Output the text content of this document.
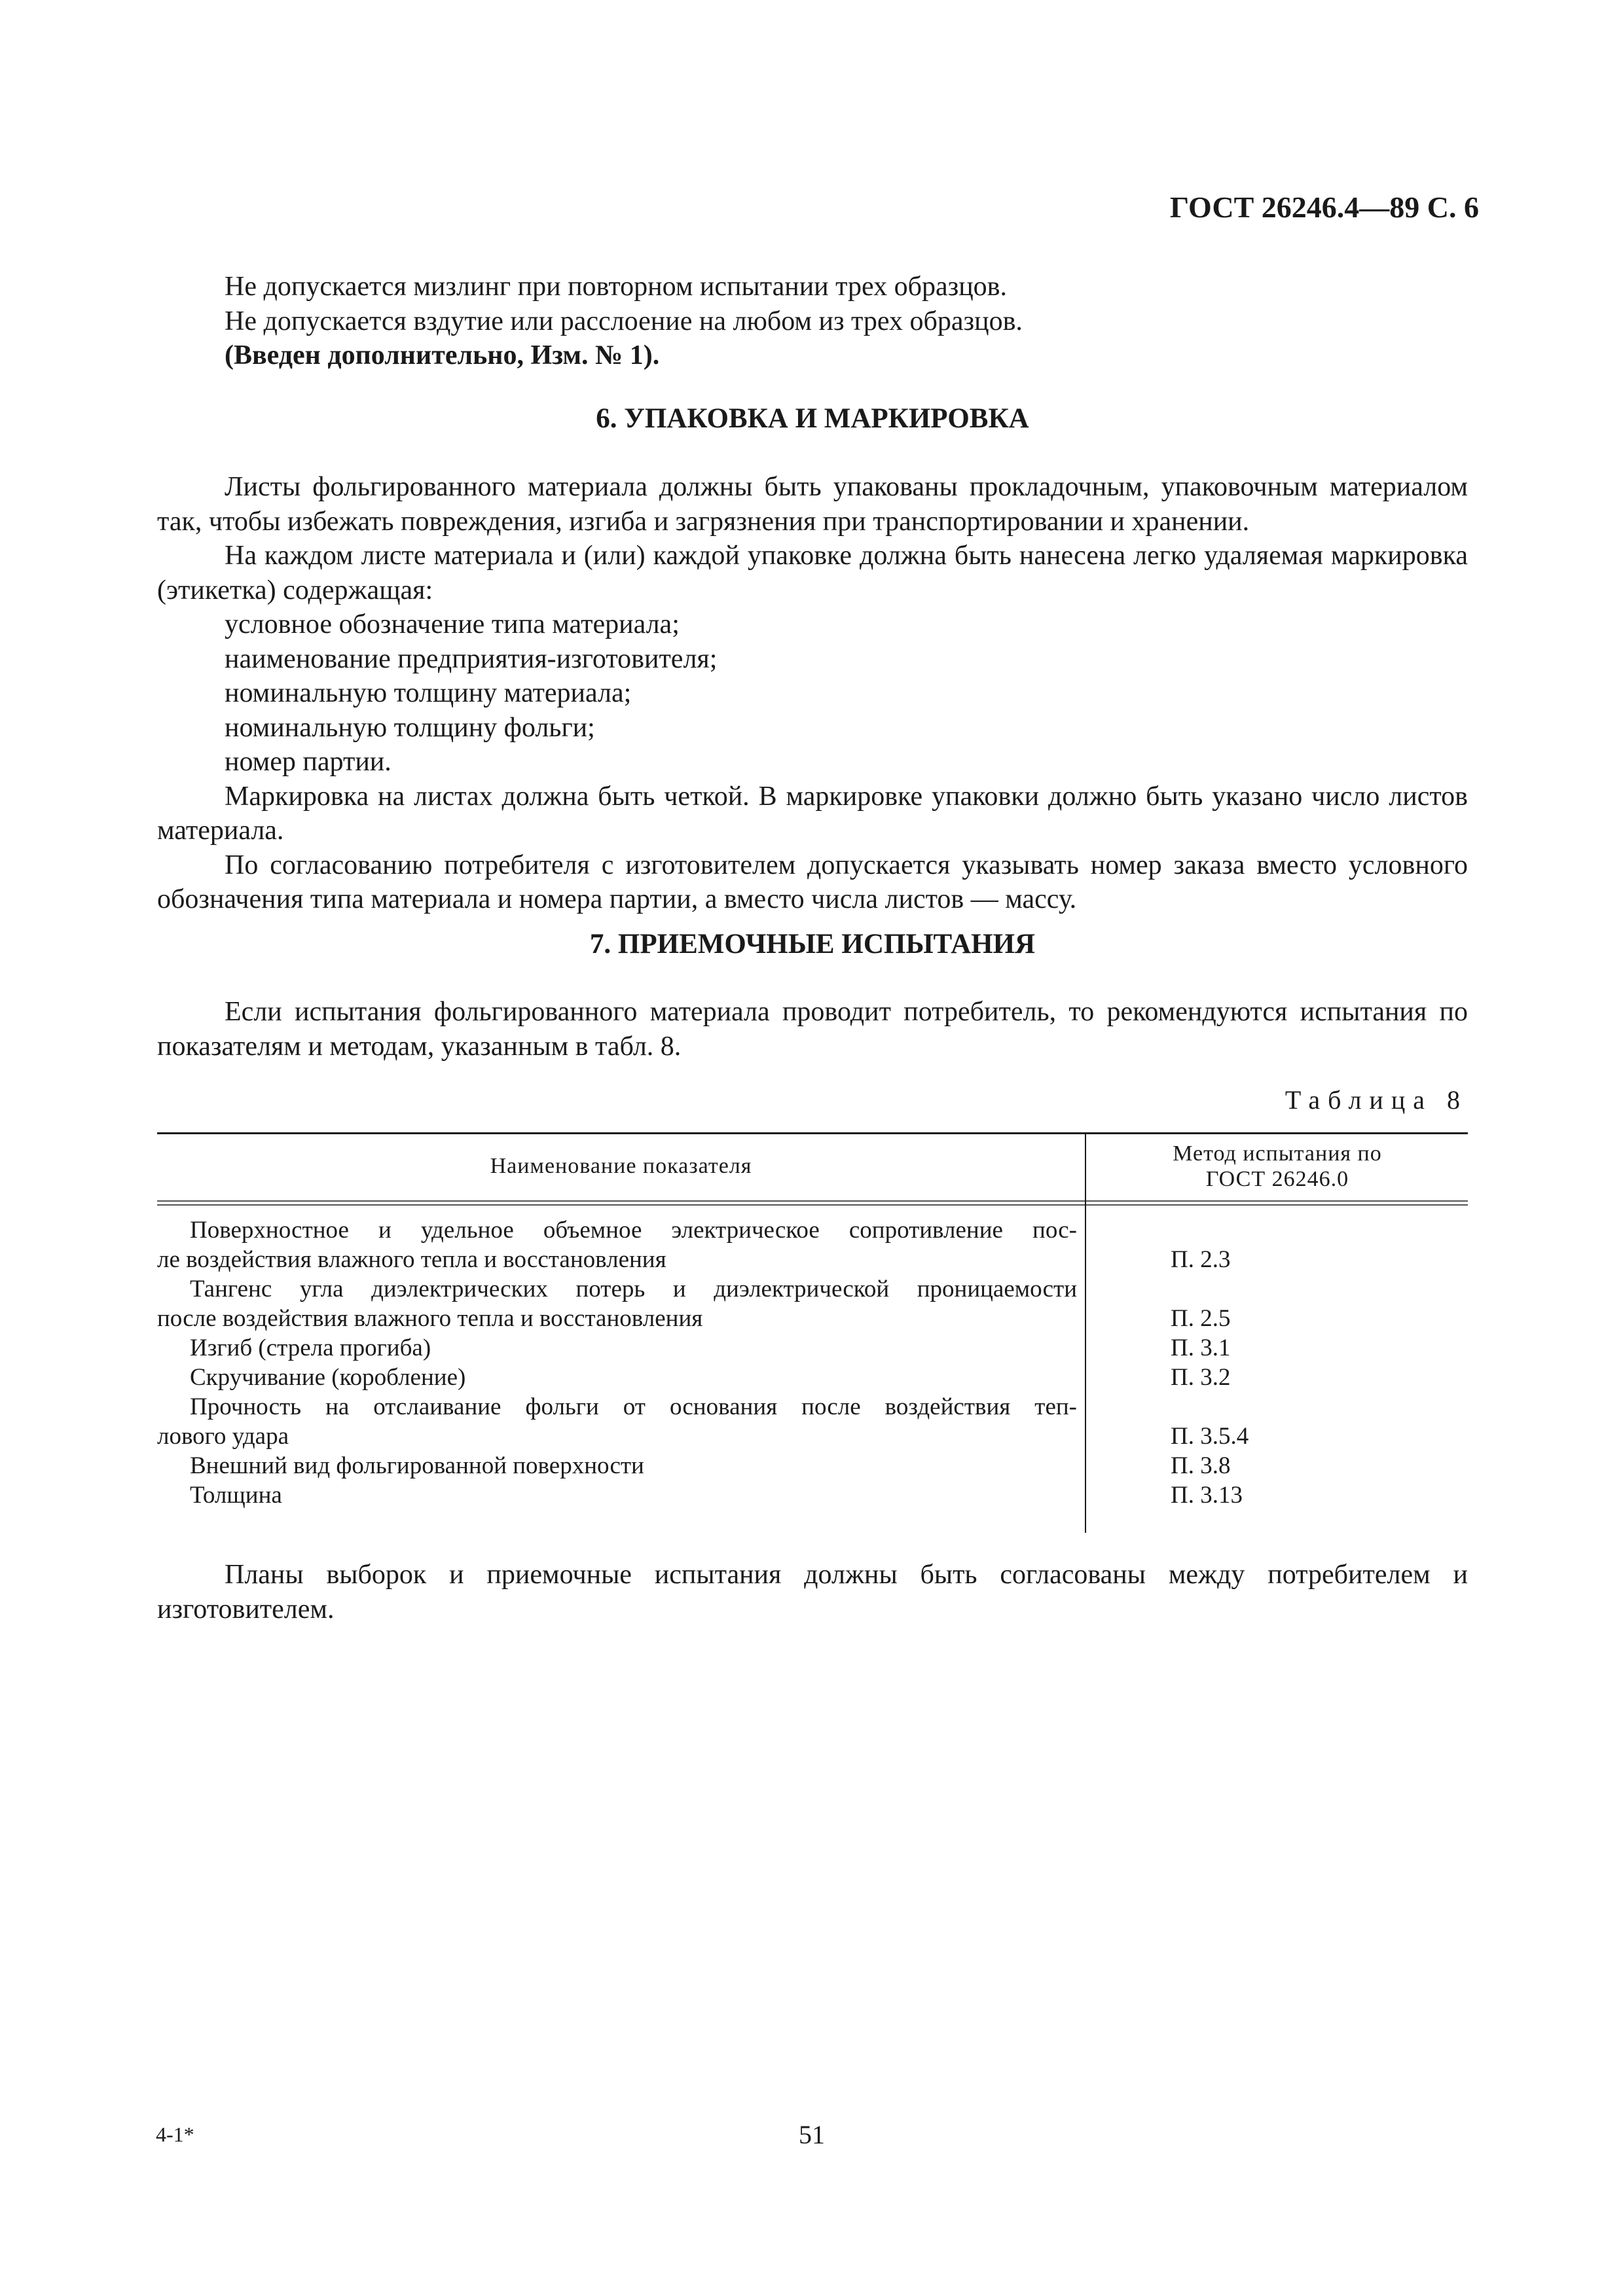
ГОСТ 26246.4—89 С. 6

Не допускается мизлинг при повторном испытании трех образцов.

Не допускается вздутие или расслоение на любом из трех образцов.

(Введен дополнительно, Изм. № 1).

6. УПАКОВКА И МАРКИРОВКА

Листы фольгированного материала должны быть упакованы прокладочным, упаковочным материалом так, чтобы избежать повреждения, изгиба и загрязнения при транспортировании и хранении.

На каждом листе материала и (или) каждой упаковке должна быть нанесена легко удаляемая маркировка (этикетка) содержащая:

условное обозначение типа материала;

наименование предприятия-изготовителя;

номинальную толщину материала;

номинальную толщину фольги;

номер партии.

Маркировка на листах должна быть четкой. В маркировке упаковки должно быть указано число листов материала.

По согласованию потребителя с изготовителем допускается указывать номер заказа вместо условного обозначения типа материала и номера партии, а вместо числа листов — массу.

7. ПРИЕМОЧНЫЕ ИСПЫТАНИЯ

Если испытания фольгированного материала проводит потребитель, то рекомендуются испытания по показателям и методам, указанным в табл. 8.

Таблица 8
Наименование показателя
Метод испытания по
ГОСТ 26246.0
Поверхностное и удельное объемное электрическое сопротивление пос-
ле воздействия влажного тепла и восстановления	П. 2.3
Тангенс угла диэлектрических потерь и диэлектрической проницаемости
после воздействия влажного тепла и восстановления	П. 2.5
Изгиб (стрела прогиба)	П. 3.1
Скручивание (коробление)	П. 3.2
Прочность на отслаивание фольги от основания после воздействия теп-
лового удара	П. 3.5.4
Внешний вид фольгированной поверхности	П. 3.8
Толщина	П. 3.13

Планы выборок и приемочные испытания должны быть согласованы между потребителем и изготовителем.

4-1*	51
